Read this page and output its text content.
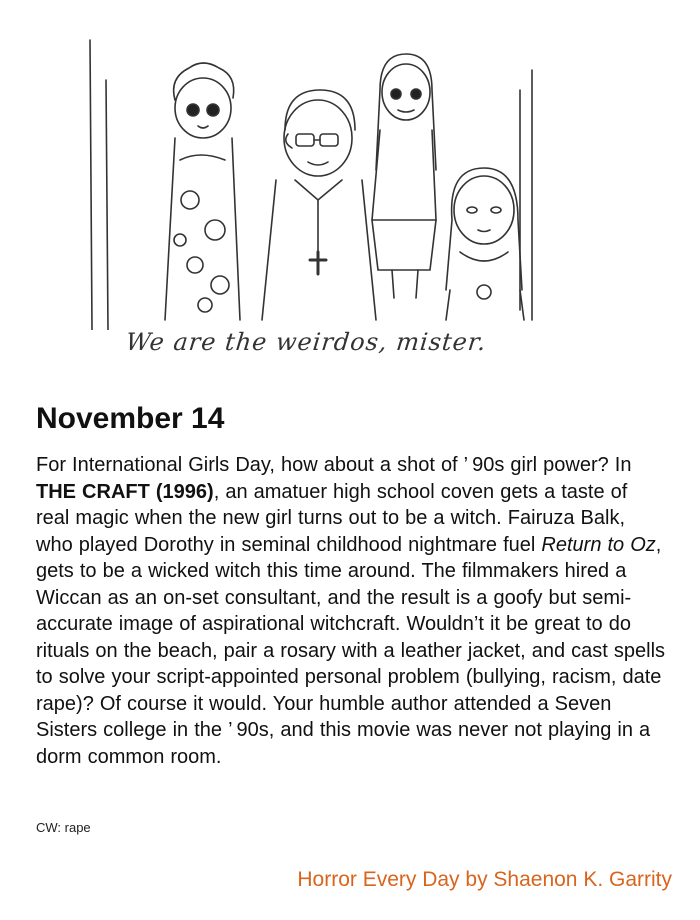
We are the weirdos, mister.
November 14
For International Girls Day, how about a shot of ’ 90s girl power? In THE CRAFT (1996), an amatuer high school coven gets a taste of real magic when the new girl turns out to be a witch. Fairuza Balk, who played Dorothy in seminal childhood nightmare fuel Return to Oz, gets to be a wicked witch this time around. The filmmakers hired a Wiccan as an on-set consultant, and the result is a goofy but semi-accurate image of aspirational witchcraft. Wouldn’t it be great to do rituals on the beach, pair a rosary with a leather jacket, and cast spells to solve your script-appointed personal problem (bullying, racism, date rape)? Of course it would. Your humble author attended a Seven Sisters college in the ’ 90s, and this movie was never not playing in a dorm common room.
CW: rape
Horror Every Day by Shaenon K. Garrity
